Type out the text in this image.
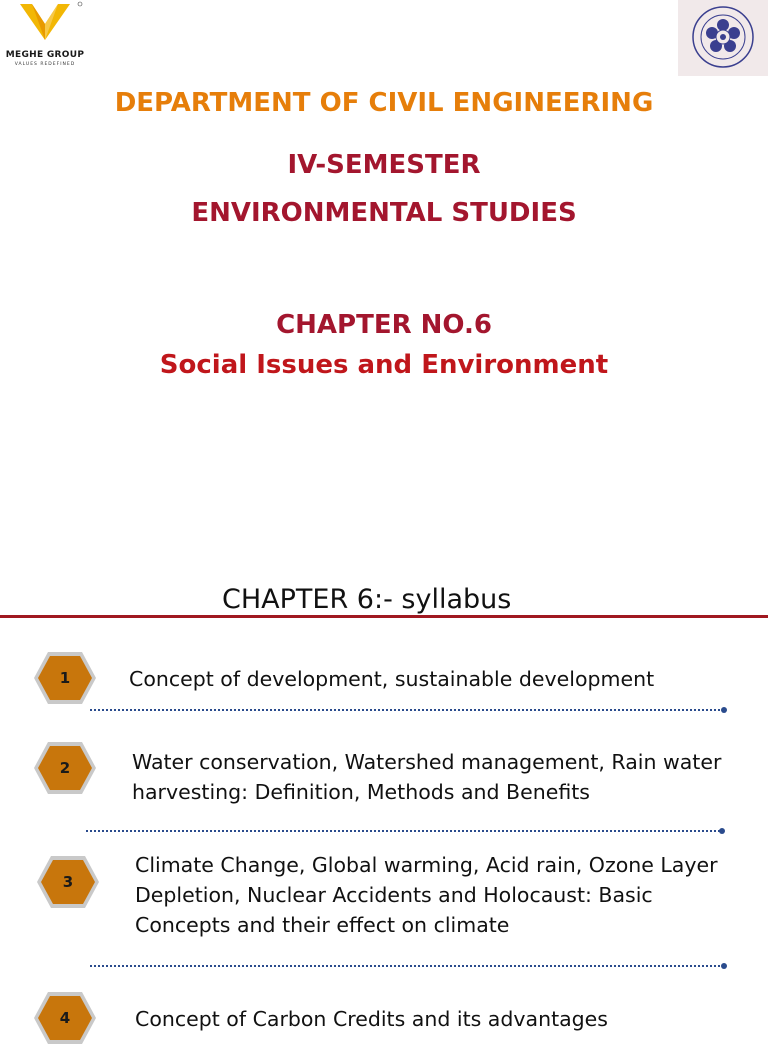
MEGHE GROUP
VALUES REDEFINED

DEPARTMENT OF CIVIL ENGINEERING

IV-SEMESTER

ENVIRONMENTAL STUDIES

CHAPTER NO.6

Social Issues and Environment

CHAPTER 6:- syllabus
1	Concept of development, sustainable development

2	Water conservation, Watershed management, Rain water
harvesting: Definition, Methods and Benefits

3

Climate Change, Global warming, Acid rain, Ozone Layer
Depletion, Nuclear Accidents and Holocaust: Basic
Concepts and their effect on climate

4	Concept of Carbon Credits and its advantages
